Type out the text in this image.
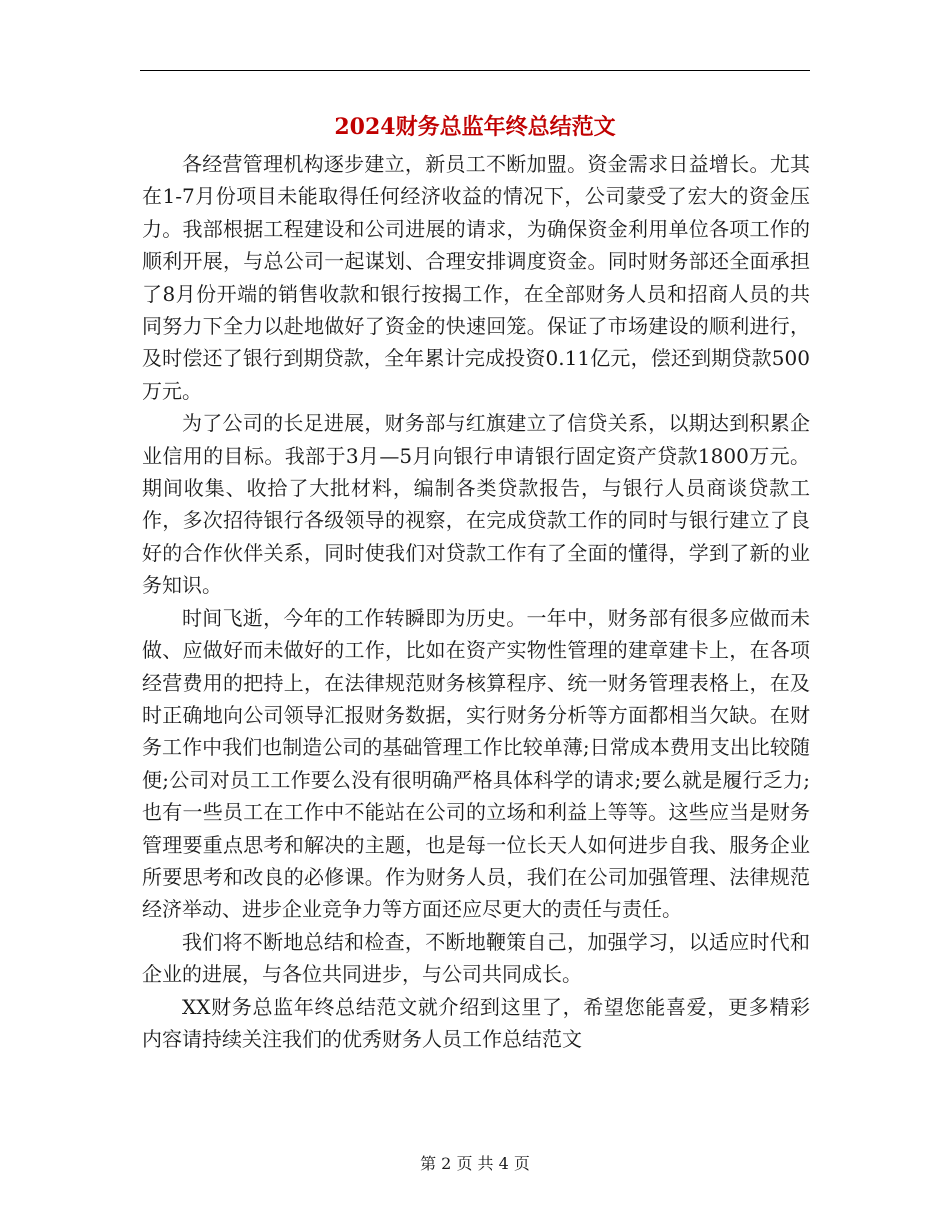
2024财务总监年终总结范文

各经营管理机构逐步建立，新员工不断加盟。资金需求日益增长。尤其在1-7月份项目未能取得任何经济收益的情况下，公司蒙受了宏大的资金压力。我部根据工程建设和公司进展的请求，为确保资金利用单位各项工作的顺利开展，与总公司一起谋划、合理安排调度资金。同时财务部还全面承担了8月份开端的销售收款和银行按揭工作，在全部财务人员和招商人员的共同努力下全力以赴地做好了资金的快速回笼。保证了市场建设的顺利进行，及时偿还了银行到期贷款，全年累计完成投资0.11亿元，偿还到期贷款500万元。

为了公司的长足进展，财务部与红旗建立了信贷关系，以期达到积累企业信用的目标。我部于3月—5月向银行申请银行固定资产贷款1800万元。期间收集、收拾了大批材料，编制各类贷款报告，与银行人员商谈贷款工作，多次招待银行各级领导的视察，在完成贷款工作的同时与银行建立了良好的合作伙伴关系，同时使我们对贷款工作有了全面的懂得，学到了新的业务知识。

时间飞逝，今年的工作转瞬即为历史。一年中，财务部有很多应做而未做、应做好而未做好的工作，比如在资产实物性管理的建章建卡上，在各项经营费用的把持上，在法律规范财务核算程序、统一财务管理表格上，在及时正确地向公司领导汇报财务数据，实行财务分析等方面都相当欠缺。在财务工作中我们也制造公司的基础管理工作比较单薄;日常成本费用支出比较随便;公司对员工工作要么没有很明确严格具体科学的请求;要么就是履行乏力;也有一些员工在工作中不能站在公司的立场和利益上等等。这些应当是财务管理要重点思考和解决的主题，也是每一位长天人如何进步自我、服务企业所要思考和改良的必修课。作为财务人员，我们在公司加强管理、法律规范经济举动、进步企业竞争力等方面还应尽更大的责任与责任。

我们将不断地总结和检查，不断地鞭策自己，加强学习，以适应时代和企业的进展，与各位共同进步，与公司共同成长。

XX财务总监年终总结范文就介绍到这里了，希望您能喜爱，更多精彩内容请持续关注我们的优秀财务人员工作总结范文

第 2 页 共 4 页
